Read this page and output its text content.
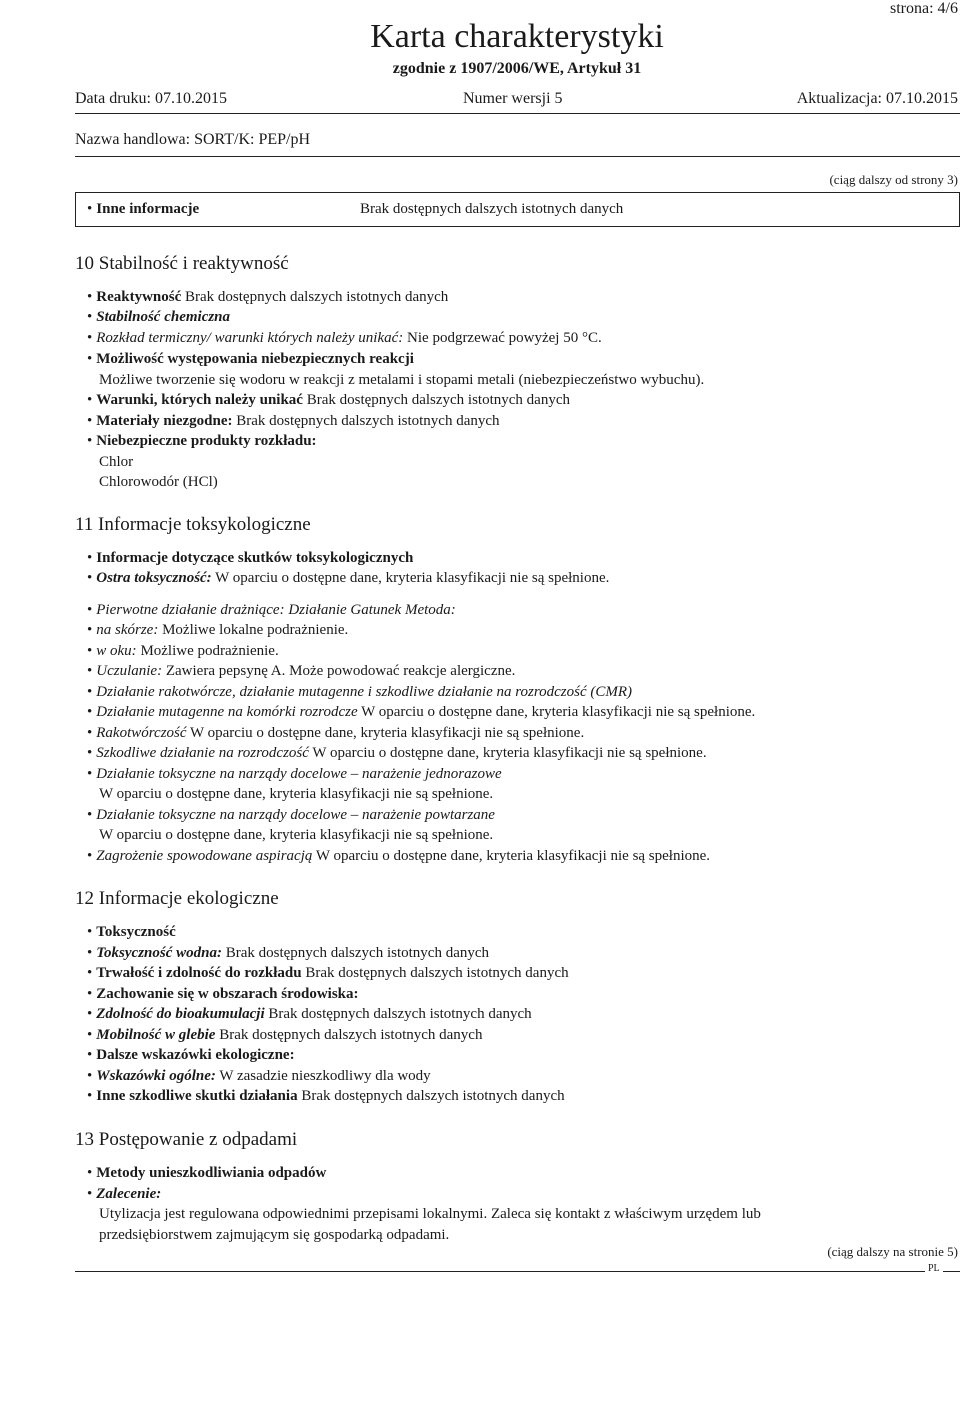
strona: 4/6
Karta charakterystyki
zgodnie z 1907/2006/WE, Artykuł 31
Data druku: 07.10.2015	Numer wersji 5	Aktualizacja: 07.10.2015
Nazwa handlowa: SORT/K: PEP/pH
(ciąg dalszy od strony 3)
• Inne informacje	Brak dostępnych dalszych istotnych danych
10 Stabilność i reaktywność
• Reaktywność Brak dostępnych dalszych istotnych danych
• Stabilność chemiczna
• Rozkład termiczny/ warunki których należy unikać: Nie podgrzewać powyżej 50 °C.
• Możliwość występowania niebezpiecznych reakcji
Możliwe tworzenie się wodoru w reakcji z metalami i stopami metali (niebezpieczeństwo wybuchu).
• Warunki, których należy unikać Brak dostępnych dalszych istotnych danych
• Materiały niezgodne: Brak dostępnych dalszych istotnych danych
• Niebezpieczne produkty rozkładu:
Chlor
Chlorowodór (HCl)
11 Informacje toksykologiczne
• Informacje dotyczące skutków toksykologicznych
• Ostra toksyczność: W oparciu o dostępne dane, kryteria klasyfikacji nie są spełnione.
• Pierwotne działanie drażniące: Działanie Gatunek Metoda:
• na skórze: Możliwe lokalne podrażnienie.
• w oku: Możliwe podrażnienie.
• Uczulanie: Zawiera pepsynę A. Może powodować reakcje alergiczne.
• Działanie rakotwórcze, działanie mutagenne i szkodliwe działanie na rozrodczość (CMR)
• Działanie mutagenne na komórki rozrodcze W oparciu o dostępne dane, kryteria klasyfikacji nie są spełnione.
• Rakotwórczość W oparciu o dostępne dane, kryteria klasyfikacji nie są spełnione.
• Szkodliwe działanie na rozrodczość W oparciu o dostępne dane, kryteria klasyfikacji nie są spełnione.
• Działanie toksyczne na narządy docelowe – narażenie jednorazowe
W oparciu o dostępne dane, kryteria klasyfikacji nie są spełnione.
• Działanie toksyczne na narządy docelowe – narażenie powtarzane
W oparciu o dostępne dane, kryteria klasyfikacji nie są spełnione.
• Zagrożenie spowodowane aspiracją W oparciu o dostępne dane, kryteria klasyfikacji nie są spełnione.
12 Informacje ekologiczne
• Toksyczność
• Toksyczność wodna: Brak dostępnych dalszych istotnych danych
• Trwałość i zdolność do rozkładu Brak dostępnych dalszych istotnych danych
• Zachowanie się w obszarach środowiska:
• Zdolność do bioakumulacji Brak dostępnych dalszych istotnych danych
• Mobilność w glebie Brak dostępnych dalszych istotnych danych
• Dalsze wskazówki ekologiczne:
• Wskazówki ogólne: W zasadzie nieszkodliwy dla wody
• Inne szkodliwe skutki działania Brak dostępnych dalszych istotnych danych
13 Postępowanie z odpadami
• Metody unieszkodliwiania odpadów
• Zalecenie:
Utylizacja jest regulowana odpowiednimi przepisami lokalnymi. Zaleca się kontakt z właściwym urzędem lub
przedsiębiorstwem zajmującym się gospodarką odpadami.
(ciąg dalszy na stronie 5)
PL
